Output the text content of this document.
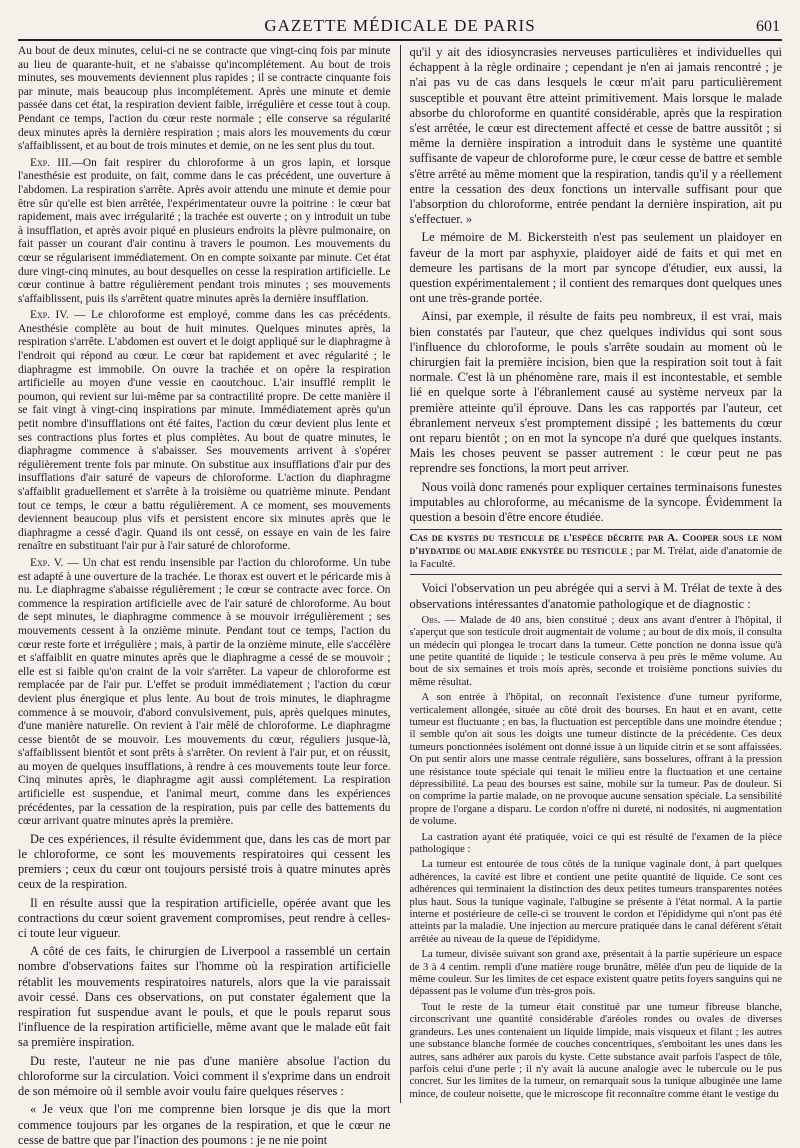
GAZETTE MÉDICALE DE PARIS	601

Au bout de deux minutes, celui-ci ne se contracte que vingt-cinq fois par minute au lieu de quarante-huit, et ne s'abaisse qu'incomplétement. Au bout de trois minutes, ses mouvements deviennent plus rapides ; il se contracte cinquante fois par minute, mais beaucoup plus incomplétement. Après une minute et demie passée dans cet état, la respiration devient faible, irrégulière et cesse tout à coup. Pendant ce temps, l'action du cœur reste normale ; elle conserve sa régularité deux minutes après la dernière respiration ; mais alors les mouvements du cœur s'affaiblissent, et au bout de trois minutes et demie, on ne les sent plus du tout.

Exp. III.—On fait respirer du chloroforme à un gros lapin, et lorsque l'anesthésie est produite, on fait, comme dans le cas précédent, une ouverture à l'abdomen. La respiration s'arrête. Après avoir attendu une minute et demie pour être sûr qu'elle est bien arrêtée, l'expérimentateur ouvre la poitrine : le cœur bat rapidement, mais avec irrégularité ; la trachée est ouverte ; on y introduit un tube à insufflation, et après avoir piqué en plusieurs endroits la plèvre pulmonaire, on fait passer un courant d'air continu à travers le poumon. Les mouvements du cœur se régularisent immédiatement. On en compte soixante par minute. Cet état dure vingt-cinq minutes, au bout desquelles on cesse la respiration artificielle. Le cœur continue à battre régulièrement pendant trois minutes ; ses mouvements s'affaiblissent, puis ils s'arrêtent quatre minutes après la dernière insufflation.

Exp. IV. — Le chloroforme est employé, comme dans les cas précédents. Anesthésie complète au bout de huit minutes. Quelques minutes après, la respiration s'arrête. L'abdomen est ouvert et le doigt appliqué sur le diaphragme à l'endroit qui répond au cœur. Le cœur bat rapidement et avec régularité ; le diaphragme est immobile. On ouvre la trachée et on opère la respiration artificielle au moyen d'une vessie en caoutchouc. L'air insufflé remplit le poumon, qui revient sur lui-même par sa contractilité propre. De cette manière il se fait vingt à vingt-cinq inspirations par minute. Immédiatement après qu'un petit nombre d'insufflations ont été faites, l'action du cœur devient plus lente et ses contractions plus fortes et plus complètes. Au bout de quatre minutes, le diaphragme commence à s'abaisser. Ses mouvements arrivent à s'opérer régulièrement trente fois par minute. On substitue aux insufflations d'air pur des insufflations d'air saturé de vapeurs de chloroforme. L'action du diaphragme s'affaiblit graduellement et s'arrête à la troisième ou quatrième minute. Pendant tout ce temps, le cœur a battu régulièrement. A ce moment, ses mouvements deviennent beaucoup plus vifs et persistent encore six minutes après que le diaphragme a cessé d'agir. Quand ils ont cessé, on essaye en vain de les faire renaître en substituant l'air pur à l'air saturé de chloroforme.

Exp. V. — Un chat est rendu insensible par l'action du chloroforme. Un tube est adapté à une ouverture de la trachée. Le thorax est ouvert et le péricarde mis à nu. Le diaphragme s'abaisse régulièrement ; le cœur se contracte avec force. On commence la respiration artificielle avec de l'air saturé de chloroforme. Au bout de sept minutes, le diaphragme commence à se mouvoir irrégulièrement ; ses mouvements cessent à la onzième minute. Pendant tout ce temps, l'action du cœur reste forte et irrégulière ; mais, à partir de la onzième minute, elle s'accélère et s'affaiblit en quatre minutes après que le diaphragme a cessé de se mouvoir ; elle est si faible qu'on craint de la voir s'arrêter. La vapeur de chloroforme est remplacée par de l'air pur. L'effet se produit immédiatement ; l'action du cœur devient plus énergique et plus lente. Au bout de trois minutes, le diaphragme commence à se mouvoir, d'abord convulsivement, puis, après quelques minutes, d'une manière naturelle. On revient à l'air mêlé de chloroforme. Le diaphragme cesse bientôt de se mouvoir. Les mouvements du cœur, réguliers jusque-là, s'affaiblissent bientôt et sont prêts à s'arrêter. On revient à l'air pur, et on réussit, au moyen de quelques insufflations, à rendre à ces mouvements toute leur force. Cinq minutes après, le diaphragme agit aussi complétement. La respiration artificielle est suspendue, et l'animal meurt, comme dans les expériences précédentes, par la cessation de la respiration, puis par celle des battements du cœur arrivant quatre minutes après la première.

De ces expériences, il résulte évidemment que, dans les cas de mort par le chloroforme, ce sont les mouvements respiratoires qui cessent les premiers ; ceux du cœur ont toujours persisté trois à quatre minutes après ceux de la respiration.

Il en résulte aussi que la respiration artificielle, opérée avant que les contractions du cœur soient gravement compromises, peut rendre à celles-ci toute leur vigueur.

A côté de ces faits, le chirurgien de Liverpool a rassemblé un certain nombre d'observations faites sur l'homme où la respiration artificielle rétablit les mouvements respiratoires naturels, alors que la vie paraissait avoir cessé. Dans ces observations, on put constater également que la respiration fut suspendue avant le pouls, et que le pouls reparut sous l'influence de la respiration artificielle, même avant que le malade eût fait sa première inspiration.

Du reste, l'auteur ne nie pas d'une manière absolue l'action du chloroforme sur la circulation. Voici comment il s'exprime dans un endroit de son mémoire où il semble avoir voulu faire quelques réserves :

« Je veux que l'on me comprenne bien lorsque je dis que la mort commence toujours par les organes de la respiration, et que le cœur ne cesse de battre que par l'inaction des poumons : je ne nie point

qu'il y ait des idiosyncrasies nerveuses particulières et individuelles qui échappent à la règle ordinaire ; cependant je n'en ai jamais rencontré ; je n'ai pas vu de cas dans lesquels le cœur m'ait paru particulièrement susceptible et pouvant être atteint primitivement. Mais lorsque le malade absorbe du chloroforme en quantité considérable, après que la respiration s'est arrêtée, le cœur est directement affecté et cesse de battre aussitôt ; si même la dernière inspiration a introduit dans le système une quantité suffisante de vapeur de chloroforme pure, le cœur cesse de battre et semble s'être arrêté au même moment que la respiration, tandis qu'il y a réellement entre la cessation des deux fonctions un intervalle suffisant pour que l'absorption du chloroforme, entrée pendant la dernière inspiration, ait pu s'effectuer. »

Le mémoire de M. Bickersteith n'est pas seulement un plaidoyer en faveur de la mort par asphyxie, plaidoyer aidé de faits et qui met en demeure les partisans de la mort par syncope d'étudier, eux aussi, la question expérimentalement ; il contient des remarques dont quelques unes ont une très-grande portée.

Ainsi, par exemple, il résulte de faits peu nombreux, il est vrai, mais bien constatés par l'auteur, que chez quelques individus qui sont sous l'influence du chloroforme, le pouls s'arrête soudain au moment où le chirurgien fait la première incision, bien que la respiration soit tout à fait normale. C'est là un phénomène rare, mais il est incontestable, et semble lié en quelque sorte à l'ébranlement causé au système nerveux par la première atteinte qu'il éprouve. Dans les cas rapportés par l'auteur, cet ébranlement nerveux s'est promptement dissipé ; les battements du cœur ont reparu bientôt ; on en mot la syncope n'a duré que quelques instants. Mais les choses peuvent se passer autrement : le cœur peut ne pas reprendre ses fonctions, la mort peut arriver.

Nous voilà donc ramenés pour expliquer certaines terminaisons funestes imputables au chloroforme, au mécanisme de la syncope. Évidemment la question a besoin d'être encore étudiée.

Cas de kystes du testicule de l'espèce décrite par A. Cooper sous le nom d'hydatide ou maladie enkystée du testicule ; par M. Trélat, aide d'anatomie de la Faculté.

Voici l'observation un peu abrégée qui a servi à M. Trélat de texte à des observations intéressantes d'anatomie pathologique et de diagnostic :

Obs. — Malade de 40 ans, bien constitué ; deux ans avant d'entrer à l'hôpital, il s'aperçut que son testicule droit augmentait de volume ; au bout de dix mois, il consulta un médecin qui plongea le trocart dans la tumeur. Cette ponction ne donna issue qu'à une petite quantité de liquide ; le testicule conserva à peu près le même volume. Au bout de six semaines et trois mois après, seconde et troisième ponctions suivies du même résultat.

A son entrée à l'hôpital, on reconnaît l'existence d'une tumeur pyriforme, verticalement allongée, située au côté droit des bourses. En haut et en avant, cette tumeur est fluctuante ; en bas, la fluctuation est perceptible dans une moindre étendue ; il semble qu'on ait sous les doigts une tumeur distincte de la précédente. Ces deux tumeurs ponctionnées isolément ont donné issue à un liquide citrin et se sont affaissées. On put sentir alors une masse centrale régulière, sans bosselures, offrant à la pression une résistance toute spéciale qui tenait le milieu entre la fluctuation et une certaine dépressibilité. La peau des bourses est saine, mobile sur la tumeur. Pas de douleur. Si on comprime la partie malade, on ne provoque aucune sensation spéciale. La sensibilité propre de l'organe a disparu. Le cordon n'offre ni dureté, ni nodosités, ni augmentation de volume.

La castration ayant été pratiquée, voici ce qui est résulté de l'examen de la pièce pathologique :

La tumeur est entourée de tous côtés de la tunique vaginale dont, à part quelques adhérences, la cavité est libre et contient une petite quantité de liquide. Ce sont ces adhérences qui terminaient la distinction des deux petites tumeurs transparentes notées plus haut. Sous la tunique vaginale, l'albugine se présente à l'état normal. A la partie interne et postérieure de celle-ci se trouvent le cordon et l'épididyme qui n'ont pas été atteints par la maladie. Une injection au mercure pratiquée dans le canal déférent s'était arrêtée au niveau de la queue de l'épididyme.

La tumeur, divisée suivant son grand axe, présentait à la partie supérieure un espace de 3 à 4 centim. rempli d'une matière rouge brunâtre, mêlée d'un peu de liquide de la même couleur. Sur les limites de cet espace existent quatre petits foyers sanguins qui ne dépassent pas le volume d'un très-gros pois.

Tout le reste de la tumeur était constitué par une tumeur fibreuse blanche, circonscrivant une quantité considérable d'aréoles rondes ou ovales de diverses grandeurs. Les unes contenaient un liquide limpide, mais visqueux et filant ; les autres une substance blanche formée de couches concentriques, s'emboitant les unes dans les autres, sans adhérer aux parois du kyste. Cette substance avait parfois l'aspect de tôle, parfois celui d'une perle ; il n'y avait là aucune analogie avec le tubercule ou le pus concret. Sur les limites de la tumeur, on remarquait sous la tunique albuginée une lame mince, de couleur noisette, que le microscope fit reconnaître comme étant le vestige du
